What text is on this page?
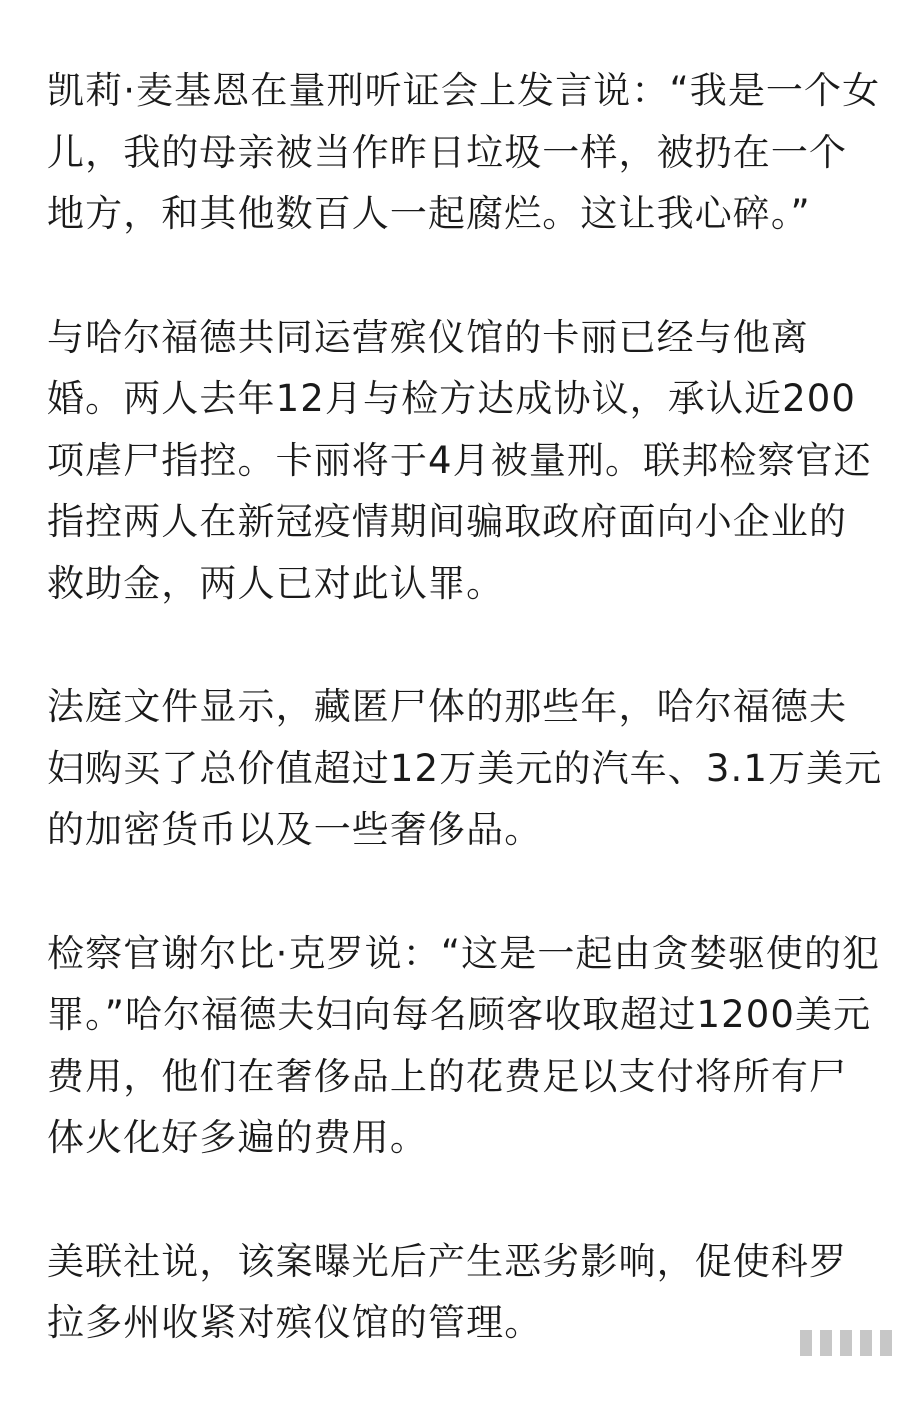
凯莉·麦基恩在量刑听证会上发言说：“我是一个女
儿，我的母亲被当作昨日垃圾一样，被扔在一个
地方，和其他数百人一起腐烂。这让我心碎。”

与哈尔福德共同运营殡仪馆的卡丽已经与他离
婚。两人去年12月与检方达成协议，承认近200
项虐尸指控。卡丽将于4月被量刑。联邦检察官还
指控两人在新冠疫情期间骗取政府面向小企业的
救助金，两人已对此认罪。

法庭文件显示，藏匿尸体的那些年，哈尔福德夫
妇购买了总价值超过12万美元的汽车、3.1万美元
的加密货币以及一些奢侈品。

检察官谢尔比·克罗说：“这是一起由贪婪驱使的犯
罪。”哈尔福德夫妇向每名顾客收取超过1200美元
费用，他们在奢侈品上的花费足以支付将所有尸
体火化好多遍的费用。

美联社说，该案曝光后产生恶劣影响，促使科罗
拉多州收紧对殡仪馆的管理。
